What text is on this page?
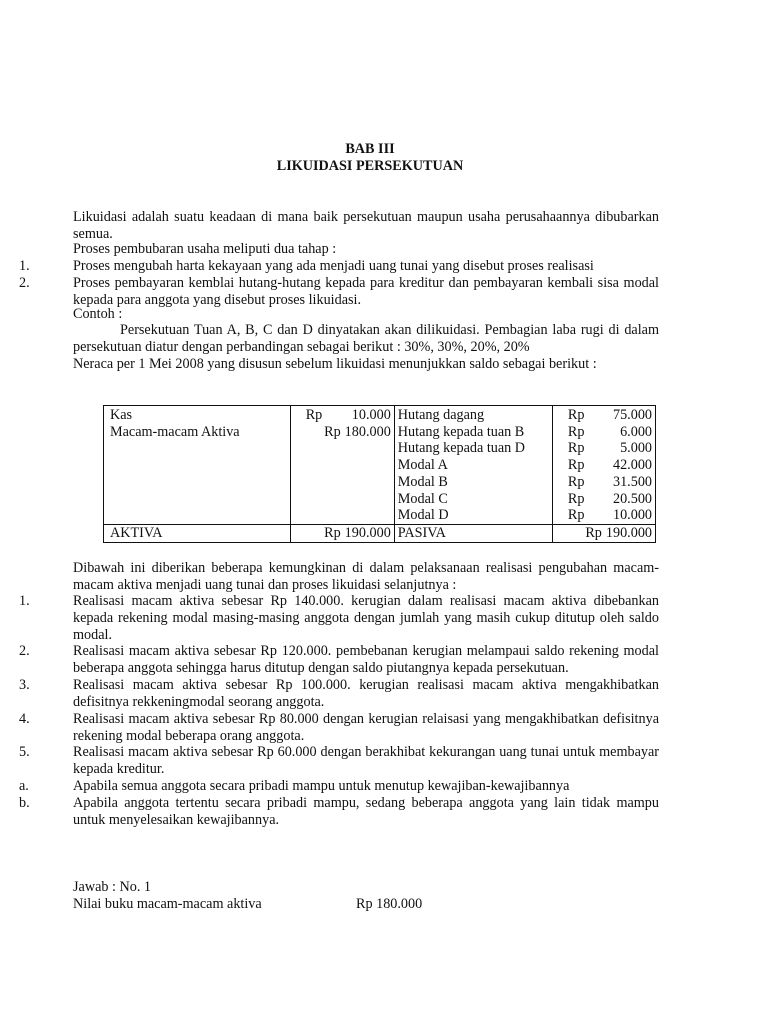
BAB III
LIKUIDASI PERSEKUTUAN
Likuidasi adalah suatu keadaan di mana baik persekutuan maupun usaha perusahaannya dibubarkan semua.
Proses pembubaran usaha meliputi dua tahap :
1.	Proses mengubah harta kekayaan yang ada menjadi uang tunai yang disebut proses realisasi
2.	Proses pembayaran kemblai hutang-hutang kepada para kreditur dan pembayaran kembali sisa modal kepada para anggota yang disebut proses likuidasi.
Contoh :
Persekutuan Tuan A, B, C dan D dinyatakan akan dilikuidasi. Pembagian laba rugi di dalam persekutuan diatur dengan perbandingan sebagai berikut : 30%, 30%, 20%, 20%
Neraca per 1 Mei 2008 yang disusun sebelum likuidasi menunjukkan saldo sebagai berikut :
Kas	Rp 10.000	Hutang dagang	Rp 75.000

Macam-macam Aktiva	Rp 180.000	Hutang kepada tuan B	Rp 6.000

		Hutang kepada tuan D	Rp 5.000

		Modal A	Rp 42.000

		Modal B	Rp 31.500

		Modal C	Rp 20.500

		Modal D	Rp 10.000

AKTIVA	Rp 190.000	PASIVA	Rp 190.000
Dibawah ini diberikan beberapa kemungkinan di dalam pelaksanaan realisasi pengubahan macam-macam aktiva menjadi uang tunai dan proses likuidasi selanjutnya :
1.	Realisasi macam aktiva sebesar Rp 140.000. kerugian dalam realisasi macam aktiva dibebankan kepada rekening modal masing-masing anggota dengan jumlah yang masih cukup ditutup oleh saldo modal.
2.	Realisasi macam aktiva sebesar Rp 120.000. pembebanan kerugian melampaui saldo rekening modal beberapa anggota sehingga harus ditutup dengan saldo piutangnya kepada persekutuan.
3.	Realisasi macam aktiva sebesar Rp 100.000. kerugian realisasi macam aktiva mengakhibatkan defisitnya rekkeningmodal seorang anggota.
4.	Realisasi macam aktiva sebesar Rp 80.000 dengan kerugian relaisasi yang mengakhibatkan defisitnya rekening modal beberapa orang anggota.
5.	Realisasi macam aktiva sebesar Rp 60.000 dengan berakhibat kekurangan uang tunai untuk membayar kepada kreditur.
a.	Apabila semua anggota secara pribadi mampu untuk menutup kewajiban-kewajibannya
b.	Apabila anggota tertentu secara pribadi mampu, sedang beberapa anggota yang lain tidak mampu untuk menyelesaikan kewajibannya.
Jawab : No. 1
Nilai buku macam-macam aktiva	Rp 180.000
